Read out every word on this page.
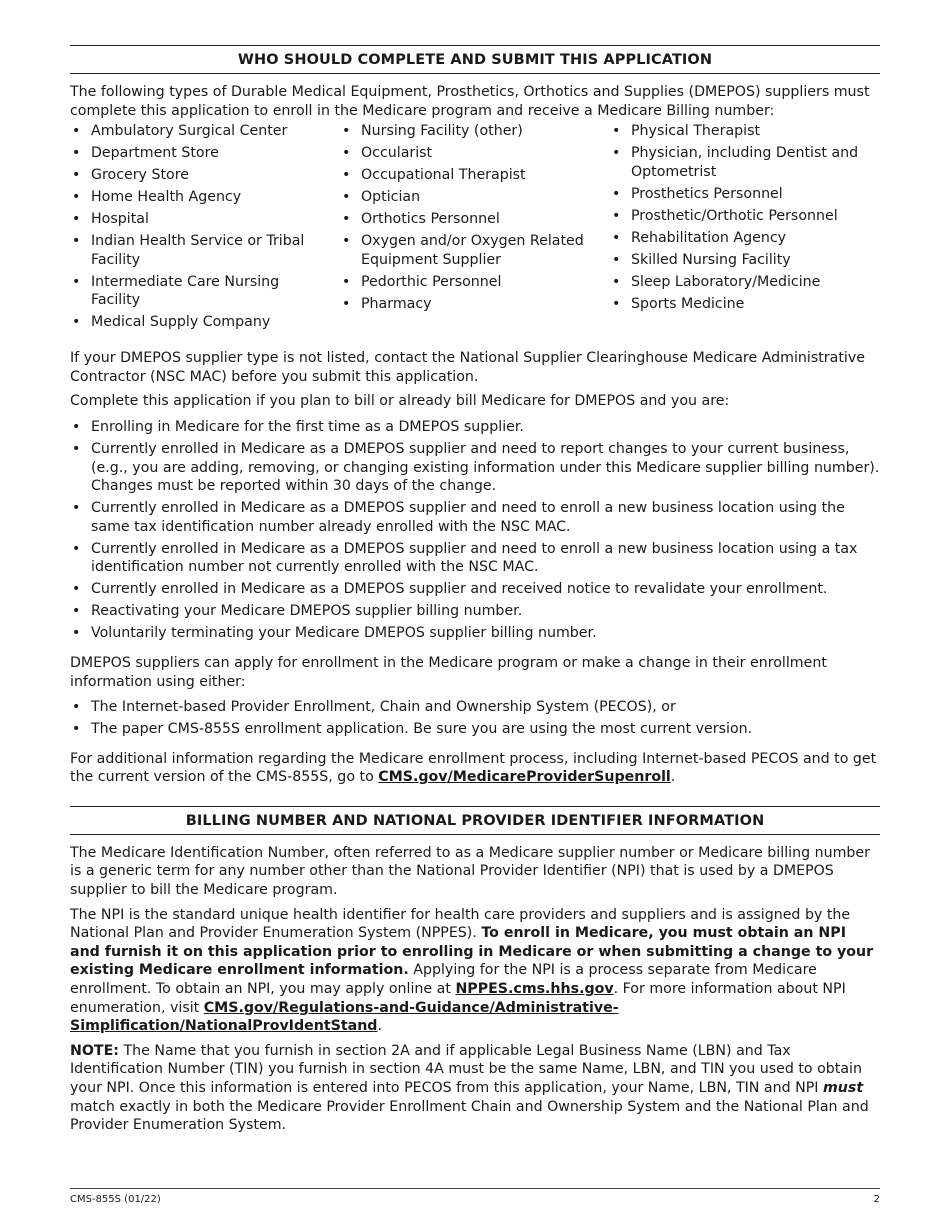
WHO SHOULD COMPLETE AND SUBMIT THIS APPLICATION

The following types of Durable Medical Equipment, Prosthetics, Orthotics and Supplies (DMEPOS) suppliers must complete this application to enroll in the Medicare program and receive a Medicare Billing number:

• Ambulatory Surgical Center
• Department Store
• Grocery Store
• Home Health Agency
• Hospital
• Indian Health Service or Tribal Facility
• Intermediate Care Nursing Facility
• Medical Supply Company
• Nursing Facility (other)
• Occularist
• Occupational Therapist
• Optician
• Orthotics Personnel
• Oxygen and/or Oxygen Related Equipment Supplier
• Pedorthic Personnel
• Pharmacy
• Physical Therapist
• Physician, including Dentist and Optometrist
• Prosthetics Personnel
• Prosthetic/Orthotic Personnel
• Rehabilitation Agency
• Skilled Nursing Facility
• Sleep Laboratory/Medicine
• Sports Medicine

If your DMEPOS supplier type is not listed, contact the National Supplier Clearinghouse Medicare Administrative Contractor (NSC MAC) before you submit this application.

Complete this application if you plan to bill or already bill Medicare for DMEPOS and you are:

• Enrolling in Medicare for the first time as a DMEPOS supplier.
• Currently enrolled in Medicare as a DMEPOS supplier and need to report changes to your current business, (e.g., you are adding, removing, or changing existing information under this Medicare supplier billing number). Changes must be reported within 30 days of the change.
• Currently enrolled in Medicare as a DMEPOS supplier and need to enroll a new business location using the same tax identification number already enrolled with the NSC MAC.
• Currently enrolled in Medicare as a DMEPOS supplier and need to enroll a new business location using a tax identification number not currently enrolled with the NSC MAC.
• Currently enrolled in Medicare as a DMEPOS supplier and received notice to revalidate your enrollment.
• Reactivating your Medicare DMEPOS supplier billing number.
• Voluntarily terminating your Medicare DMEPOS supplier billing number.

DMEPOS suppliers can apply for enrollment in the Medicare program or make a change in their enrollment information using either:

• The Internet-based Provider Enrollment, Chain and Ownership System (PECOS), or
• The paper CMS-855S enrollment application. Be sure you are using the most current version.

For additional information regarding the Medicare enrollment process, including Internet-based PECOS and to get the current version of the CMS-855S, go to CMS.gov/MedicareProviderSupenroll.

BILLING NUMBER AND NATIONAL PROVIDER IDENTIFIER INFORMATION

The Medicare Identification Number, often referred to as a Medicare supplier number or Medicare billing number is a generic term for any number other than the National Provider Identifier (NPI) that is used by a DMEPOS supplier to bill the Medicare program.

The NPI is the standard unique health identifier for health care providers and suppliers and is assigned by the National Plan and Provider Enumeration System (NPPES). To enroll in Medicare, you must obtain an NPI and furnish it on this application prior to enrolling in Medicare or when submitting a change to your existing Medicare enrollment information. Applying for the NPI is a process separate from Medicare enrollment. To obtain an NPI, you may apply online at NPPES.cms.hhs.gov. For more information about NPI enumeration, visit CMS.gov/Regulations-and-Guidance/Administrative-Simplification/NationalProvIdentStand.

NOTE: The Name that you furnish in section 2A and if applicable Legal Business Name (LBN) and Tax Identification Number (TIN) you furnish in section 4A must be the same Name, LBN, and TIN you used to obtain your NPI. Once this information is entered into PECOS from this application, your Name, LBN, TIN and NPI must match exactly in both the Medicare Provider Enrollment Chain and Ownership System and the National Plan and Provider Enumeration System.

CMS-855S (01/22)	2
